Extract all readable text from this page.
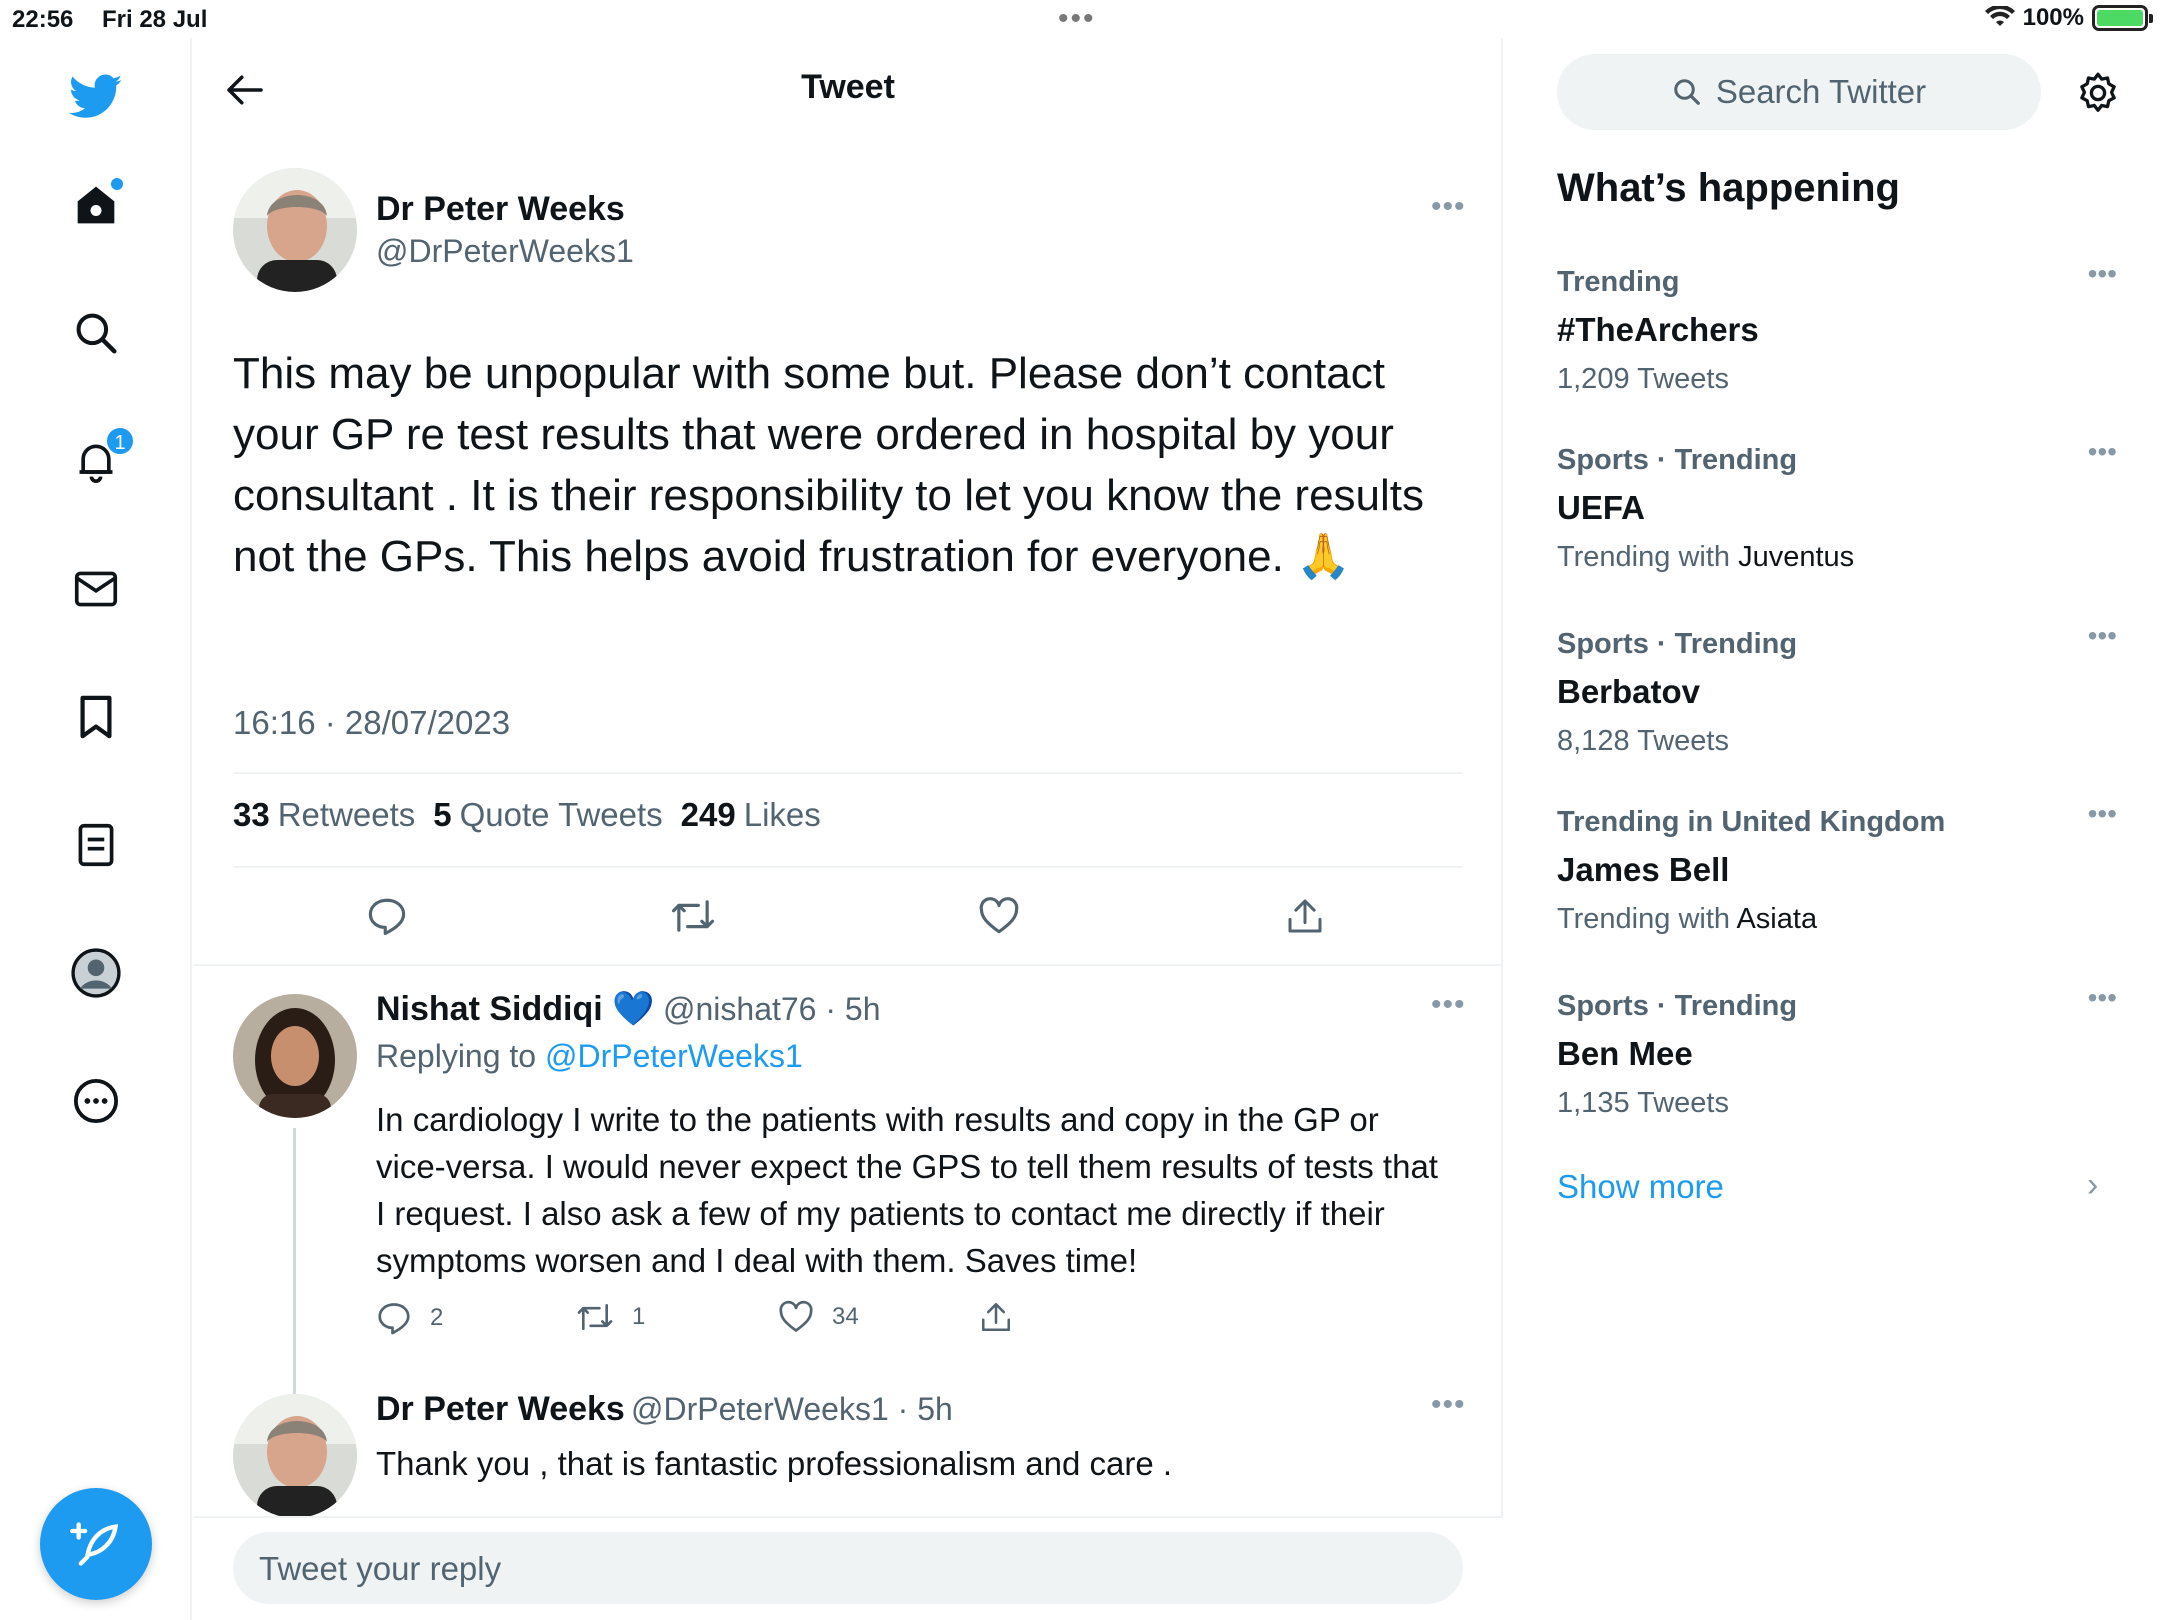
22:56 Fri 28 Jul	•••	100%
1
Tweet
Dr Peter Weeks
@DrPeterWeeks1
•••

This may be unpopular with some but. Please don’t contact your GP re test results that were ordered in hospital by your consultant . It is their responsibility to let you know the results not the GPs. This helps avoid frustration for everyone. 🙏

16:16 · 28/07/2023
33 Retweets 5 Quote Tweets 249 Likes
Nishat Siddiqi 💙 @nishat76 · 5h	•••
Replying to @DrPeterWeeks1

In cardiology I write to the patients with results and copy in the GP or vice-versa. I would never expect the GPS to tell them results of tests that I request. I also ask a few of my patients to contact me directly if their symptoms worsen and I deal with them. Saves time!

2	1	34
Dr Peter Weeks @DrPeterWeeks1 · 5h	•••

Thank you , that is fantastic professionalism and care .

Tweet your reply
Search Twitter
What’s happening
Trending
#TheArchers
1,209 Tweets
•••
Sports · Trending
UEFA
Trending with Juventus
•••
Sports · Trending
Berbatov
8,128 Tweets
•••
Trending in United Kingdom
James Bell
Trending with Asiata
•••
Sports · Trending
Ben Mee
1,135 Tweets
•••
Show more	›
